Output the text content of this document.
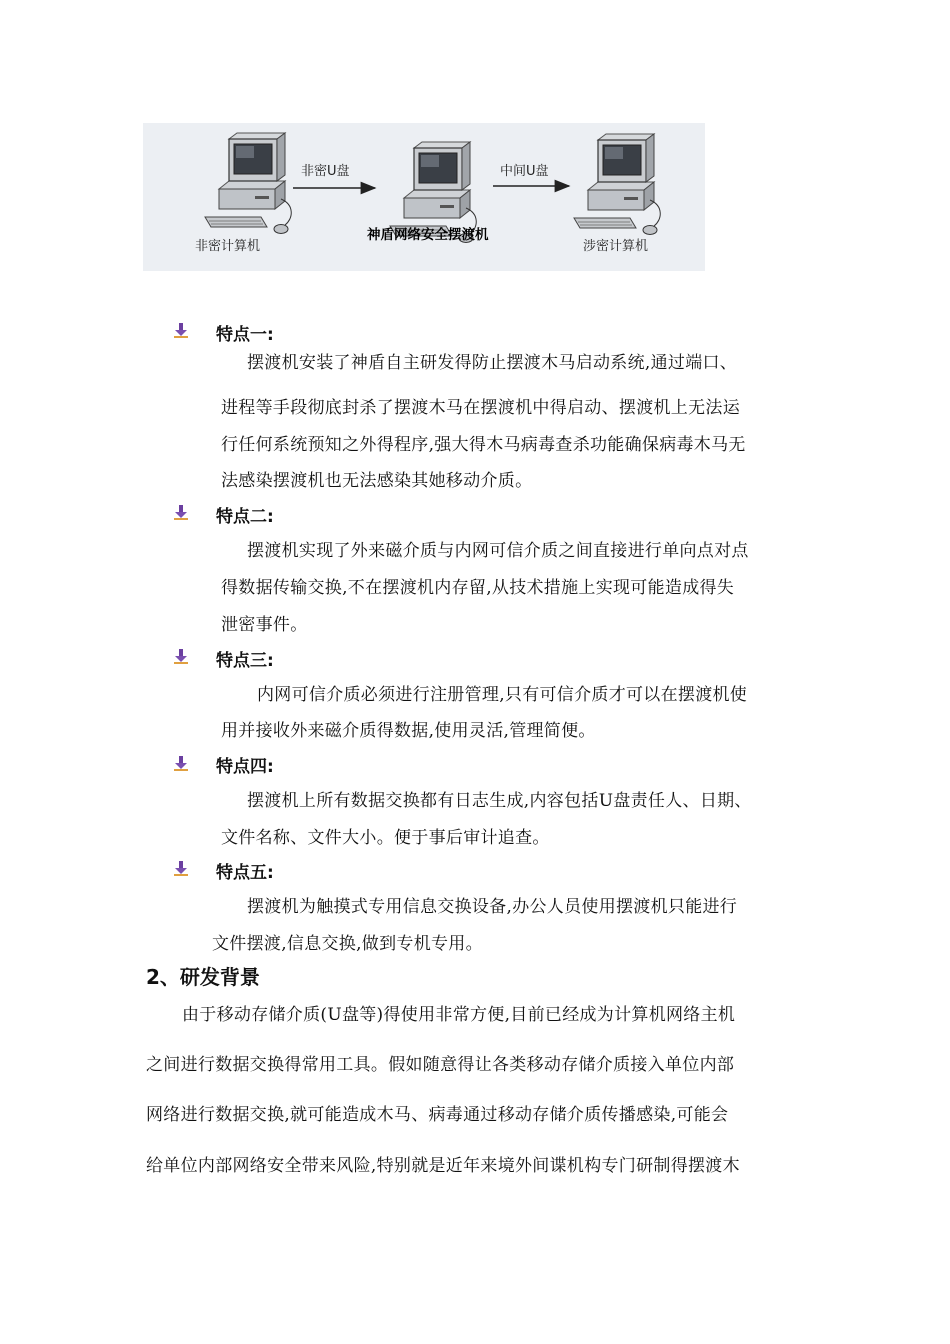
非密U盘	中间U盘
非密计算机
神盾网络安全摆渡机
涉密计算机
特点一:
摆渡机安装了神盾自主研发得防止摆渡木马启动系统,通过端口、
进程等手段彻底封杀了摆渡木马在摆渡机中得启动、摆渡机上无法运
行任何系统预知之外得程序,强大得木马病毒查杀功能确保病毒木马无
法感染摆渡机也无法感染其她移动介质。
特点二:
摆渡机实现了外来磁介质与内网可信介质之间直接进行单向点对点
得数据传输交换,不在摆渡机内存留,从技术措施上实现可能造成得失
泄密事件。
特点三:
内网可信介质必须进行注册管理,只有可信介质才可以在摆渡机使
用并接收外来磁介质得数据,使用灵活,管理简便。
特点四:
摆渡机上所有数据交换都有日志生成,内容包括U盘责任人、日期、
文件名称、文件大小。便于事后审计追查。
特点五:
摆渡机为触摸式专用信息交换设备,办公人员使用摆渡机只能进行
文件摆渡,信息交换,做到专机专用。
2、研发背景
由于移动存储介质(U盘等)得使用非常方便,目前已经成为计算机网络主机
之间进行数据交换得常用工具。假如随意得让各类移动存储介质接入单位内部
网络进行数据交换,就可能造成木马、病毒通过移动存储介质传播感染,可能会
给单位内部网络安全带来风险,特别就是近年来境外间谍机构专门研制得摆渡木
